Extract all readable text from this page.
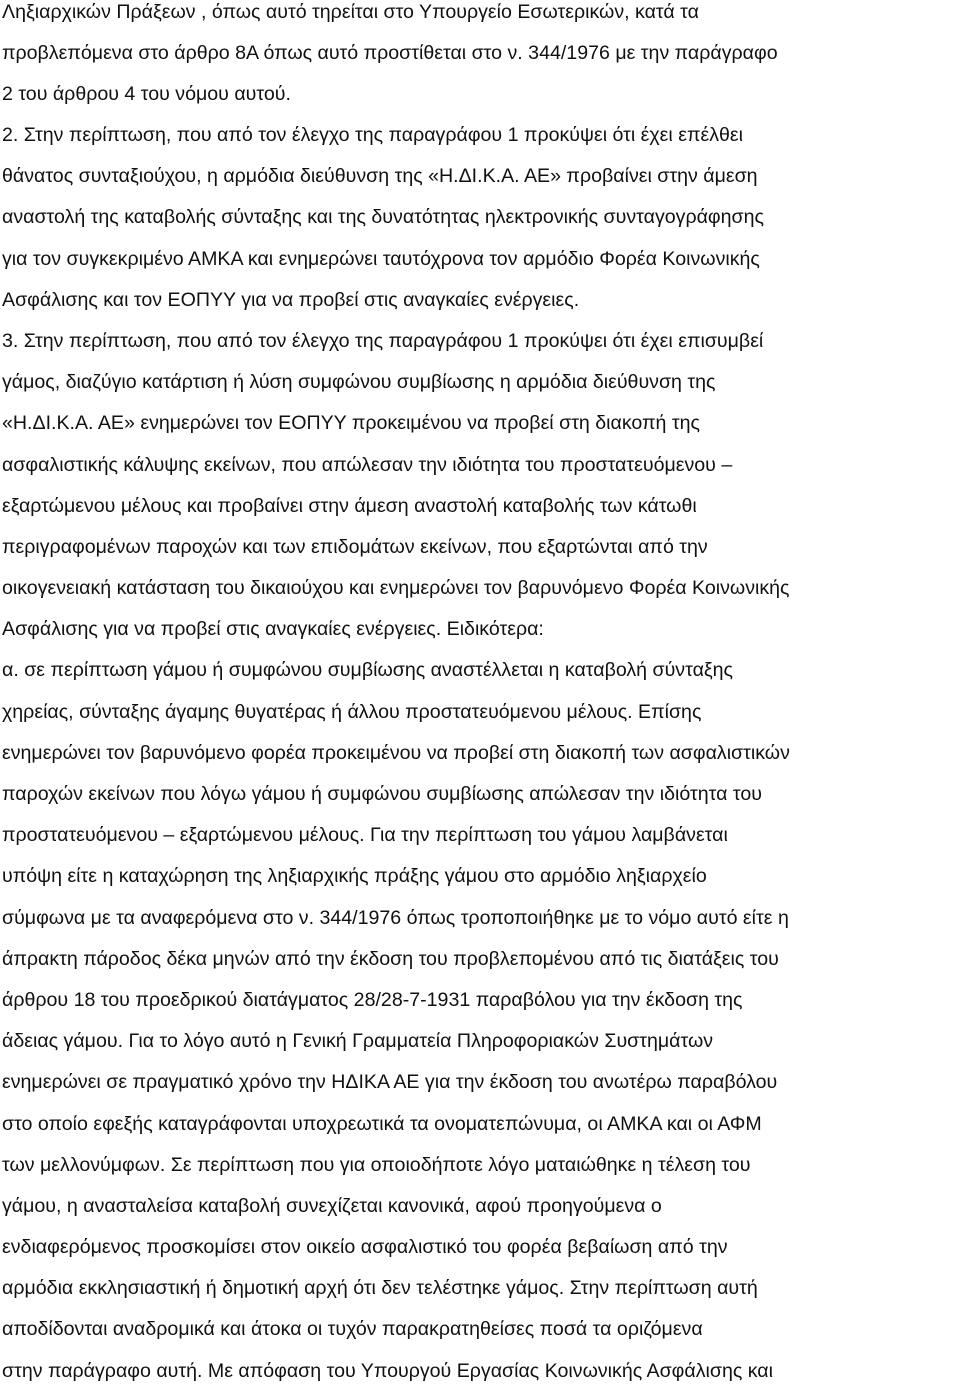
Ληξιαρχικών Πράξεων , όπως αυτό τηρείται στο Υπουργείο Εσωτερικών, κατά τα
προβλεπόμενα στο άρθρο 8Α όπως αυτό προστίθεται στο ν. 344/1976 με την παράγραφο
2 του άρθρου 4 του νόμου αυτού.
2. Στην περίπτωση, που από τον έλεγχο της παραγράφου 1 προκύψει ότι έχει επέλθει
θάνατος συνταξιούχου, η αρμόδια διεύθυνση της «Η.ΔΙ.Κ.Α. ΑΕ» προβαίνει στην άμεση
αναστολή της καταβολής σύνταξης και της δυνατότητας ηλεκτρονικής συνταγογράφησης
για τον συγκεκριμένο ΑΜΚΑ και ενημερώνει ταυτόχρονα τον αρμόδιο Φορέα Κοινωνικής
Ασφάλισης και τον ΕΟΠΥΥ για να προβεί στις αναγκαίες ενέργειες.
3. Στην περίπτωση, που από τον έλεγχο της παραγράφου 1 προκύψει ότι έχει επισυμβεί
γάμος, διαζύγιο κατάρτιση ή λύση συμφώνου συμβίωσης η αρμόδια διεύθυνση της
«Η.ΔΙ.Κ.Α. ΑΕ» ενημερώνει τον ΕΟΠΥΥ προκειμένου να προβεί στη διακοπή της
ασφαλιστικής κάλυψης εκείνων, που απώλεσαν την ιδιότητα του προστατευόμενου –
εξαρτώμενου μέλους και προβαίνει στην άμεση αναστολή καταβολής των κάτωθι
περιγραφομένων παροχών και των επιδομάτων εκείνων, που εξαρτώνται από την
οικογενειακή κατάσταση του δικαιούχου και ενημερώνει τον βαρυνόμενο Φορέα Κοινωνικής
Ασφάλισης για να προβεί στις αναγκαίες ενέργειες. Ειδικότερα:
α. σε περίπτωση γάμου ή συμφώνου συμβίωσης αναστέλλεται η καταβολή σύνταξης
χηρείας, σύνταξης άγαμης θυγατέρας ή άλλου προστατευόμενου μέλους. Επίσης
ενημερώνει τον βαρυνόμενο φορέα προκειμένου να προβεί στη διακοπή των ασφαλιστικών
παροχών εκείνων που λόγω γάμου ή συμφώνου συμβίωσης απώλεσαν την ιδιότητα του
προστατευόμενου – εξαρτώμενου μέλους. Για την περίπτωση του γάμου λαμβάνεται
υπόψη είτε η καταχώρηση της ληξιαρχικής πράξης γάμου στο αρμόδιο ληξιαρχείο
σύμφωνα με τα αναφερόμενα στο ν. 344/1976 όπως τροποποιήθηκε με το νόμο αυτό είτε η
άπρακτη πάροδος δέκα μηνών από την έκδοση του προβλεπομένου από τις διατάξεις του
άρθρου 18 του προεδρικού διατάγματος 28/28-7-1931 παραβόλου για την έκδοση της
άδειας γάμου. Για το λόγο αυτό η Γενική Γραμματεία Πληροφοριακών Συστημάτων
ενημερώνει σε πραγματικό χρόνο την ΗΔΙΚΑ ΑΕ για την έκδοση του ανωτέρω παραβόλου
στο οποίο εφεξής καταγράφονται υποχρεωτικά τα ονοματεπώνυμα, οι ΑΜΚΑ και οι ΑΦΜ
των μελλονύμφων. Σε περίπτωση που για οποιοδήποτε λόγο ματαιώθηκε η τέλεση του
γάμου, η ανασταλείσα καταβολή συνεχίζεται κανονικά, αφού προηγούμενα ο
ενδιαφερόμενος προσκομίσει στον οικείο ασφαλιστικό του φορέα βεβαίωση από την
αρμόδια εκκλησιαστική ή δημοτική αρχή ότι δεν τελέστηκε γάμος. Στην περίπτωση αυτή
αποδίδονται αναδρομικά και άτοκα οι τυχόν παρακρατηθείσες ποσά τα οριζόμενα
στην παράγραφο αυτή. Με απόφαση του Υπουργού Εργασίας Κοινωνικής Ασφάλισης και
